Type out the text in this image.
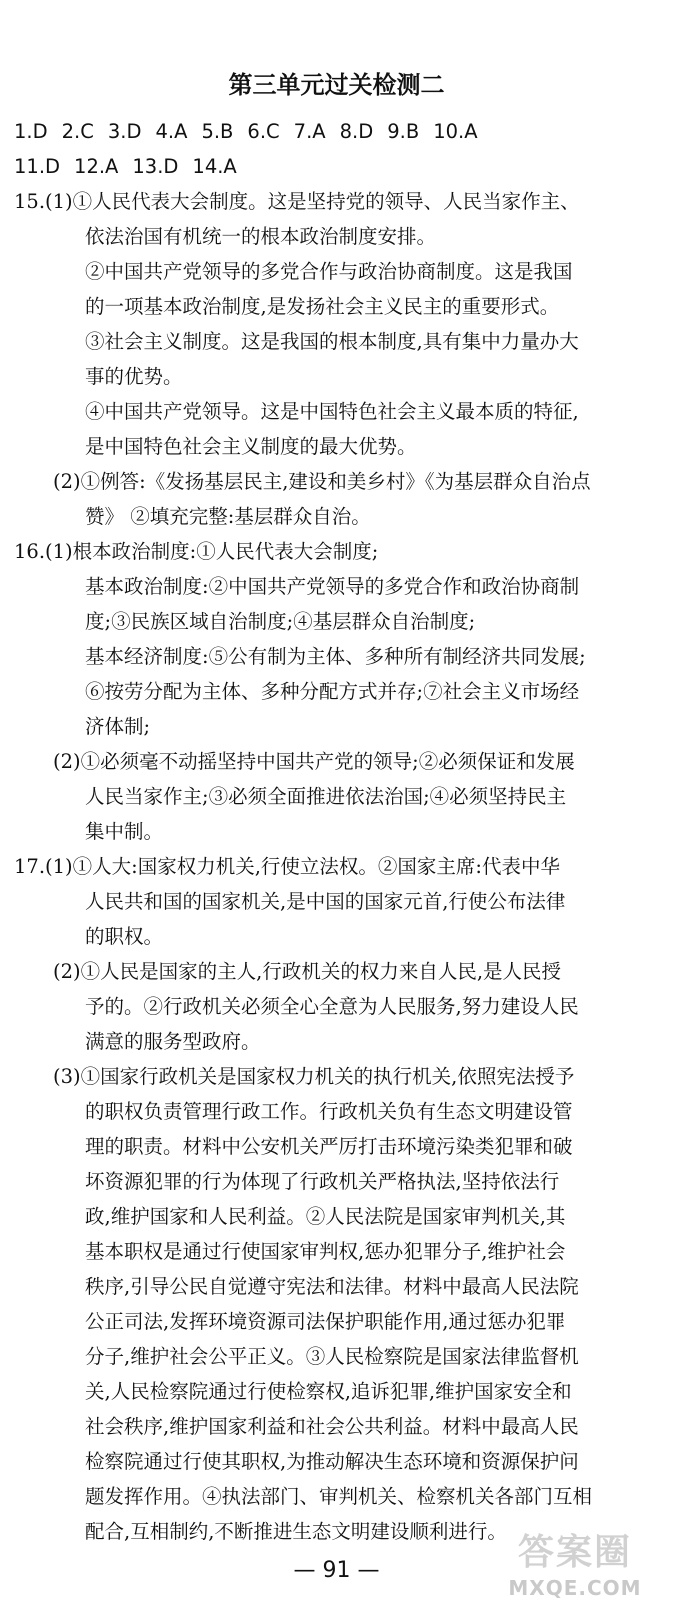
第三单元过关检测二
1.D 2.C 3.D 4.A 5.B 6.C 7.A 8.D 9.B 10.A
11.D 12.A 13.D 14.A
15.(1)①人民代表大会制度。这是坚持党的领导、人民当家作主、
依法治国有机统一的根本政治制度安排。
②中国共产党领导的多党合作与政治协商制度。这是我国
的一项基本政治制度,是发扬社会主义民主的重要形式。
③社会主义制度。这是我国的根本制度,具有集中力量办大
事的优势。
④中国共产党领导。这是中国特色社会主义最本质的特征,
是中国特色社会主义制度的最大优势。
(2)①例答:《发扬基层民主,建设和美乡村》《为基层群众自治点
赞》 ②填充完整:基层群众自治。
16.(1)根本政治制度:①人民代表大会制度;
基本政治制度:②中国共产党领导的多党合作和政治协商制
度;③民族区域自治制度;④基层群众自治制度;
基本经济制度:⑤公有制为主体、多种所有制经济共同发展;
⑥按劳分配为主体、多种分配方式并存;⑦社会主义市场经
济体制;
(2)①必须毫不动摇坚持中国共产党的领导;②必须保证和发展
人民当家作主;③必须全面推进依法治国;④必须坚持民主
集中制。
17.(1)①人大:国家权力机关,行使立法权。②国家主席:代表中华
人民共和国的国家机关,是中国的国家元首,行使公布法律
的职权。
(2)①人民是国家的主人,行政机关的权力来自人民,是人民授
予的。②行政机关必须全心全意为人民服务,努力建设人民
满意的服务型政府。
(3)①国家行政机关是国家权力机关的执行机关,依照宪法授予
的职权负责管理行政工作。行政机关负有生态文明建设管
理的职责。材料中公安机关严厉打击环境污染类犯罪和破
坏资源犯罪的行为体现了行政机关严格执法,坚持依法行
政,维护国家和人民利益。②人民法院是国家审判机关,其
基本职权是通过行使国家审判权,惩办犯罪分子,维护社会
秩序,引导公民自觉遵守宪法和法律。材料中最高人民法院
公正司法,发挥环境资源司法保护职能作用,通过惩办犯罪
分子,维护社会公平正义。③人民检察院是国家法律监督机
关,人民检察院通过行使检察权,追诉犯罪,维护国家安全和
社会秩序,维护国家利益和社会公共利益。材料中最高人民
检察院通过行使其职权,为推动解决生态环境和资源保护问
题发挥作用。④执法部门、审判机关、检察机关各部门互相
配合,互相制约,不断推进生态文明建设顺利进行。
— 91 —	答案圈
MXQE.COM
